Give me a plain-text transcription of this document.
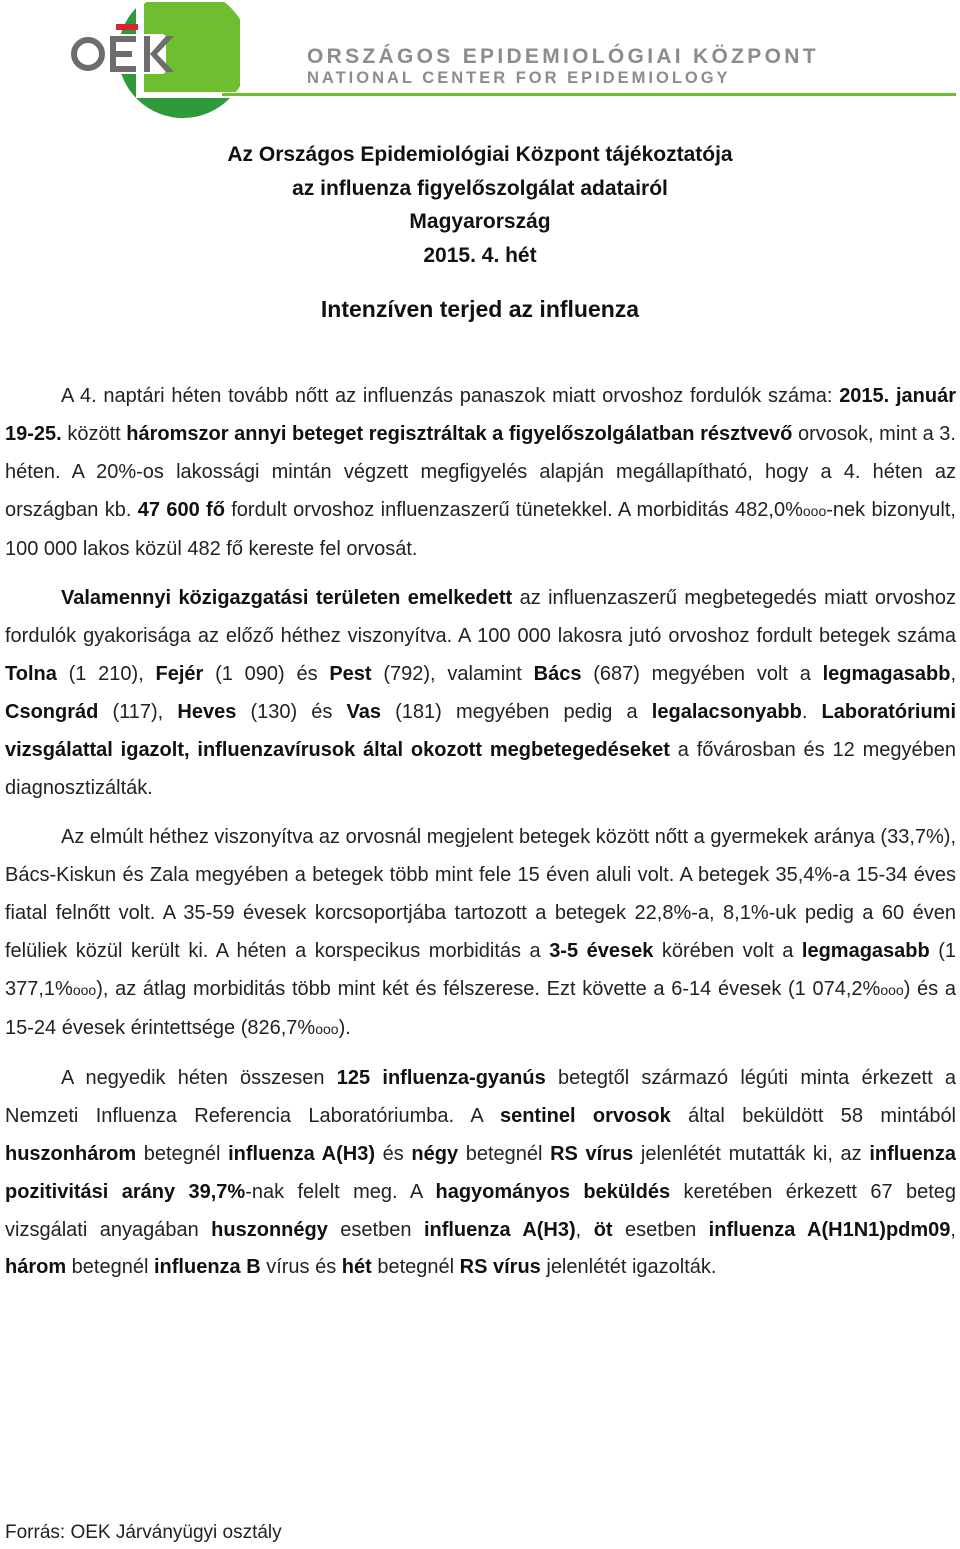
ORSZÁGOS EPIDEMIOLÓGIAI KÖZPONT
NATIONAL CENTER FOR EPIDEMIOLOGY
Az Országos Epidemiológiai Központ tájékoztatója
az influenza figyelőszolgálat adatairól
Magyarország
2015. 4. hét
Intenzíven terjed az influenza

A 4. naptári héten tovább nőtt az influenzás panaszok miatt orvoshoz fordulók száma: 2015. január 19-25. között háromszor annyi beteget regisztráltak a figyelőszolgálatban résztvevő orvosok, mint a 3. héten. A 20%-os lakossági mintán végzett megfigyelés alapján megállapítható, hogy a 4. héten az országban kb. 47 600 fő fordult orvoshoz influenzaszerű tünetekkel. A morbiditás 482,0%ooo-nek bizonyult, 100 000 lakos közül 482 fő kereste fel orvosát.

Valamennyi közigazgatási területen emelkedett az influenzaszerű megbetegedés miatt orvoshoz fordulók gyakorisága az előző héthez viszonyítva. A 100 000 lakosra jutó orvoshoz fordult betegek száma Tolna (1 210), Fejér (1 090) és Pest (792), valamint Bács (687) megyében volt a legmagasabb, Csongrád (117), Heves (130) és Vas (181) megyében pedig a legalacsonyabb. Laboratóriumi vizsgálattal igazolt, influenzavírusok által okozott megbetegedéseket a fővárosban és 12 megyében diagnosztizálták.

Az elmúlt héthez viszonyítva az orvosnál megjelent betegek között nőtt a gyermekek aránya (33,7%), Bács-Kiskun és Zala megyében a betegek több mint fele 15 éven aluli volt. A betegek 35,4%-a 15-34 éves fiatal felnőtt volt. A 35-59 évesek korcsoportjába tartozott a betegek 22,8%-a, 8,1%-uk pedig a 60 éven felüliek közül került ki. A héten a korspecikus morbiditás a 3-5 évesek körében volt a legmagasabb (1 377,1%ooo), az átlag morbiditás több mint két és félszerese. Ezt követte a 6-14 évesek (1 074,2%ooo) és a 15-24 évesek érintettsége (826,7%ooo).

A negyedik héten összesen 125 influenza-gyanús betegtől származó légúti minta érkezett a Nemzeti Influenza Referencia Laboratóriumba. A sentinel orvosok által beküldött 58 mintából huszonhárom betegnél influenza A(H3) és négy betegnél RS vírus jelenlétét mutatták ki, az influenza pozitivitási arány 39,7%-nak felelt meg. A hagyományos beküldés keretében érkezett 67 beteg vizsgálati anyagában huszonnégy esetben influenza A(H3), öt esetben influenza A(H1N1)pdm09, három betegnél influenza B vírus és hét betegnél RS vírus jelenlétét igazolták.

Forrás: OEK Járványügyi osztály
